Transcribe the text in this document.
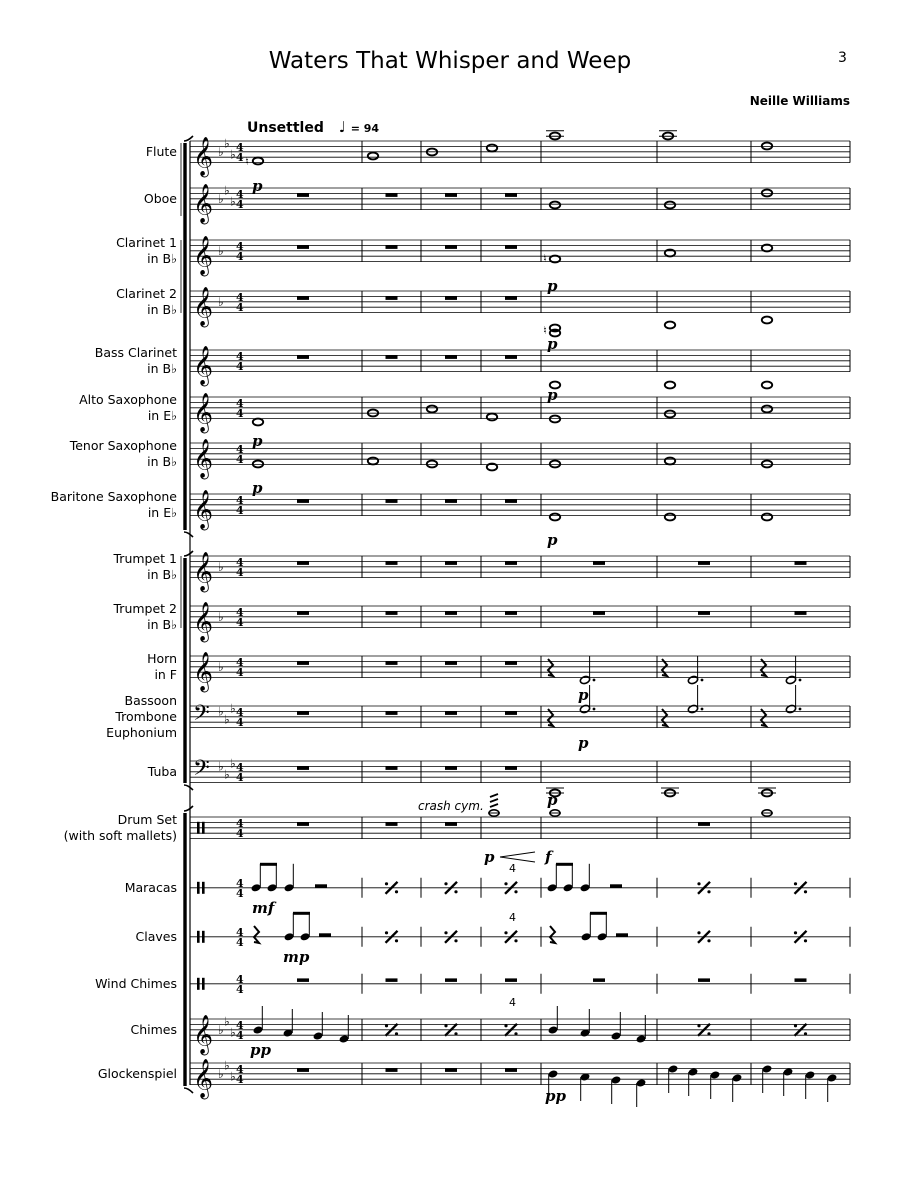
Waters That Whisper and Weep	3
Neille Williams
Unsettled ♩ = 94
Flute
Oboe
Clarinet 1
in B♭
Clarinet 2
in B♭
Bass Clarinet
in B♭
Alto Saxophone
in E♭
Tenor Saxophone
in B♭
Baritone Saxophone
in E♭
Trumpet 1
in B♭
Trumpet 2
in B♭
Horn
in F
Bassoon
Trombone
Euphonium
Tuba
Drum Set
(with soft mallets)
Maracas
Claves
Wind Chimes
Chimes
Glockenspiel
𝄞 ♭
♭
♭
4
4
𝄞 ♭
♭
♭
4
4
𝄞 ♭ 4
4
𝄞 ♭ 4
4
𝄞 4
4
𝄞 4
4
𝄞 4
4
𝄞 4
4
𝄞 ♭ 4
4
𝄞 ♭ 4
4
𝄞 ♭ 4
4
𝄢 ♭
♭
♭ 4
4
𝄢 ♭
♭
♭ 4
4
4
4
4
4
4
4
4
4
𝄞 ♭
♭
♭
4
4
𝄞 ♭
♭
♭
4
4
♮
p
♮
p
♮
p
p
p
p
p
p
p
p
crash cym.
p	f
4
mf
4
mp
4
pp
pp
